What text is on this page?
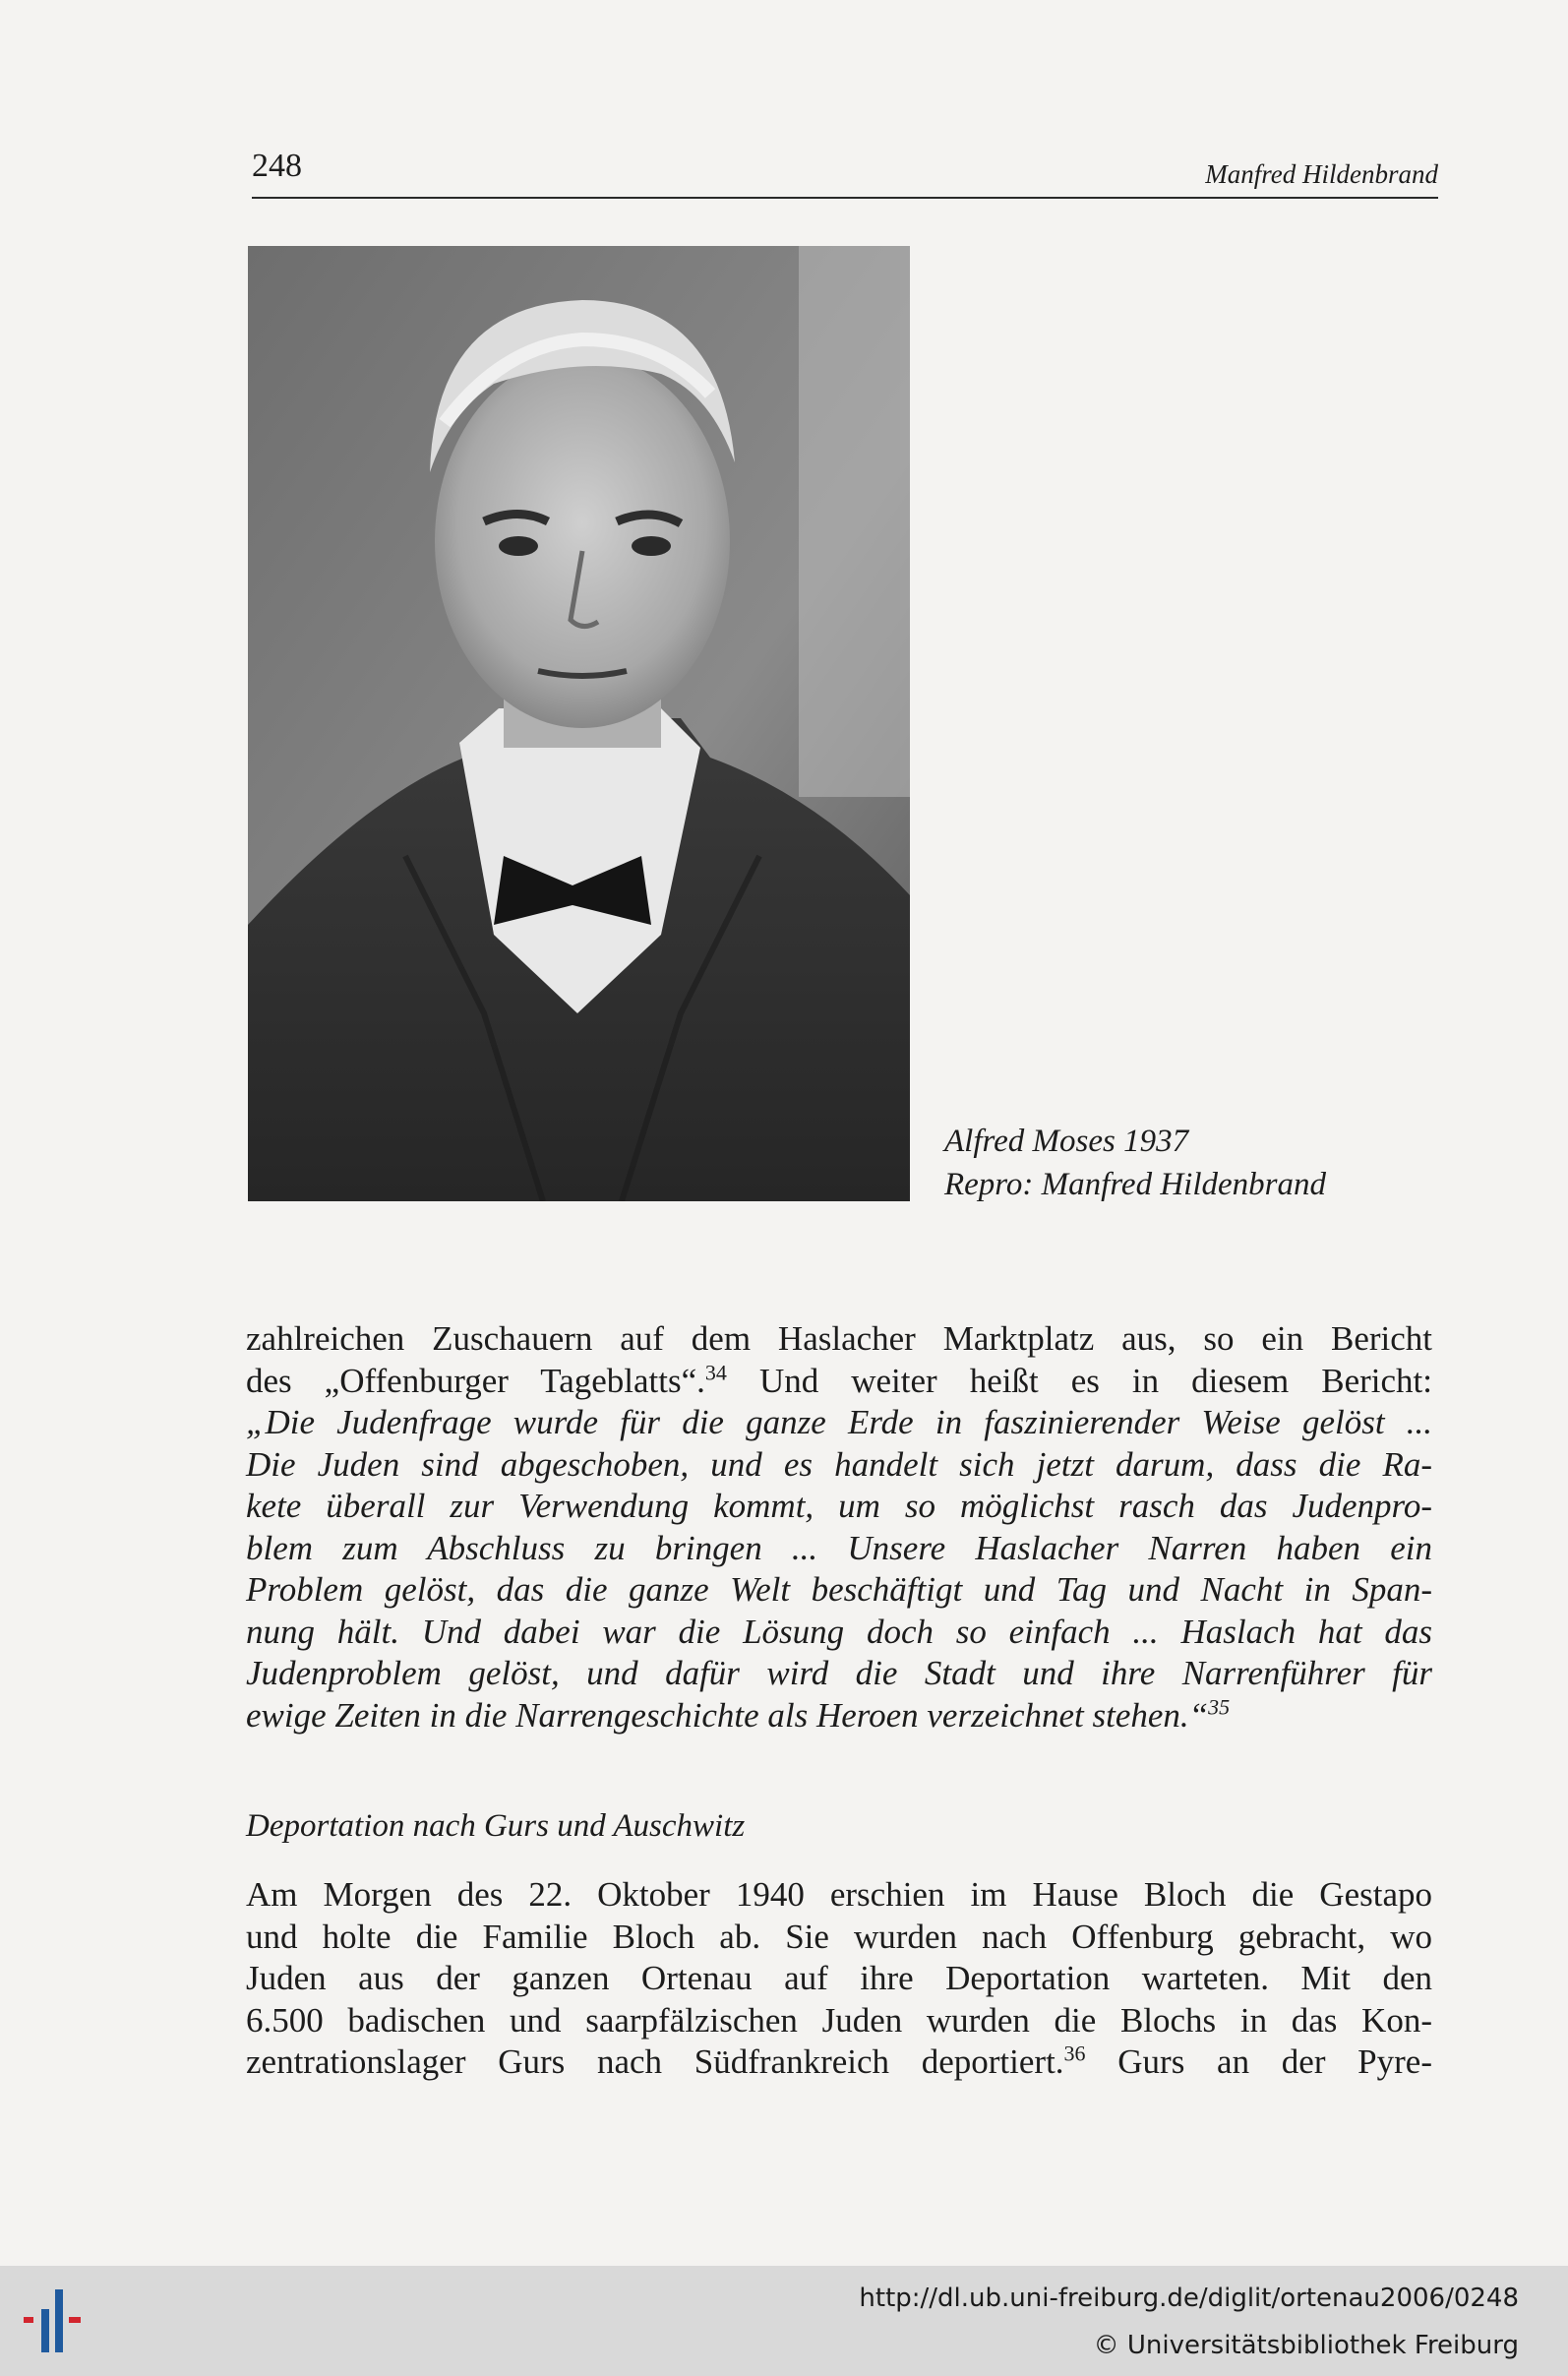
248	Manfred Hildenbrand
Alfred Moses 1937
Repro: Manfred Hildenbrand
zahlreichen Zuschauern auf dem Haslacher Marktplatz aus, so ein Bericht
des „Offenburger Tageblatts“.$^{34}$ Und weiter heißt es in diesem Bericht:
„Die Judenfrage wurde für die ganze Erde in faszinierender Weise gelöst ...
Die Juden sind abgeschoben, und es handelt sich jetzt darum, dass die Ra-
kete überall zur Verwendung kommt, um so möglichst rasch das Judenpro-
blem zum Abschluss zu bringen ... Unsere Haslacher Narren haben ein
Problem gelöst, das die ganze Welt beschäftigt und Tag und Nacht in Span-
nung hält. Und dabei war die Lösung doch so einfach ... Haslach hat das
Judenproblem gelöst, und dafür wird die Stadt und ihre Narrenführer für
ewige Zeiten in die Narrengeschichte als Heroen verzeichnet stehen.“$^{35}$
Deportation nach Gurs und Auschwitz
Am Morgen des 22. Oktober 1940 erschien im Hause Bloch die Gestapo
und holte die Familie Bloch ab. Sie wurden nach Offenburg gebracht, wo
Juden aus der ganzen Ortenau auf ihre Deportation warteten. Mit den
6.500 badischen und saarpfälzischen Juden wurden die Blochs in das Kon-
zentrationslager Gurs nach Südfrankreich deportiert.$^{36}$ Gurs an der Pyre-
http://dl.ub.uni-freiburg.de/diglit/ortenau2006/0248
© Universitätsbibliothek Freiburg
